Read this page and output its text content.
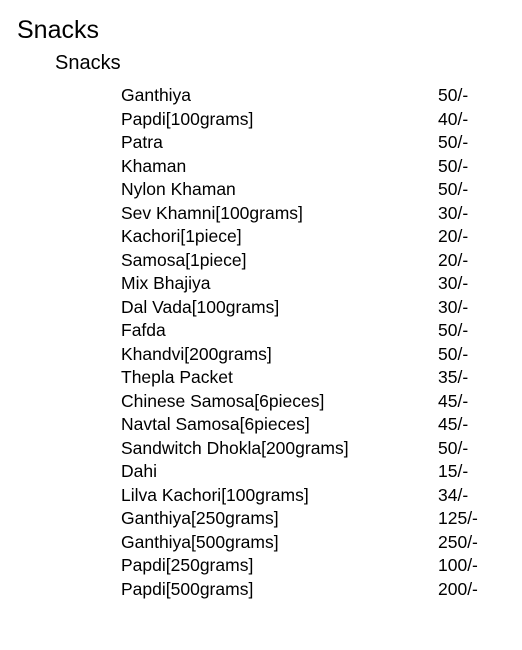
Snacks
Snacks
Ganthiya	50/-
Papdi[100grams]	40/-
Patra	50/-
Khaman	50/-
Nylon Khaman	50/-
Sev Khamni[100grams]	30/-
Kachori[1piece]	20/-
Samosa[1piece]	20/-
Mix Bhajiya	30/-
Dal Vada[100grams]	30/-
Fafda	50/-
Khandvi[200grams]	50/-
Thepla Packet	35/-
Chinese Samosa[6pieces]	45/-
Navtal Samosa[6pieces]	45/-
Sandwitch Dhokla[200grams]	50/-
Dahi	15/-
Lilva Kachori[100grams]	34/-
Ganthiya[250grams]	125/-
Ganthiya[500grams]	250/-
Papdi[250grams]	100/-
Papdi[500grams]	200/-
